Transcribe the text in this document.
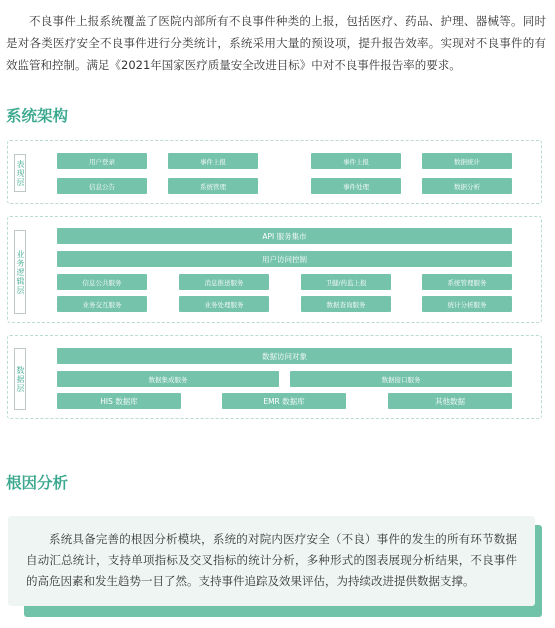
不良事件上报系统覆盖了医院内部所有不良事件种类的上报，包括医疗、药品、护理、器械等。同时是对各类医疗安全不良事件进行分类统计，系统采用大量的预设项，提升报告效率。实现对不良事件的有效监管和控制。满足《2021年国家医疗质量安全改进目标》中对不良事件报告率的要求。

系统架构
表现层	用户登录	事件上报	事件上报	数据统计
信息公告	系统管理	事件处理	数据分析
业务逻辑层
API 服务集市
用户访问控制
信息公共服务	消息推送服务	卫健/药监上报	系统管理服务
业务交互服务	业务处理服务	数据查询服务	统计分析服务
数据层
数据访问对象
数据集成服务	数据接口服务
HIS 数据库	EMR 数据库	其他数据
根因分析

系统具备完善的根因分析模块，系统的对院内医疗安全（不良）事件的发生的所有环节数据自动汇总统计，支持单项指标及交叉指标的统计分析，多种形式的图表展现分析结果，不良事件的高危因素和发生趋势一目了然。支持事件追踪及效果评估，为持续改进提供数据支撑。
